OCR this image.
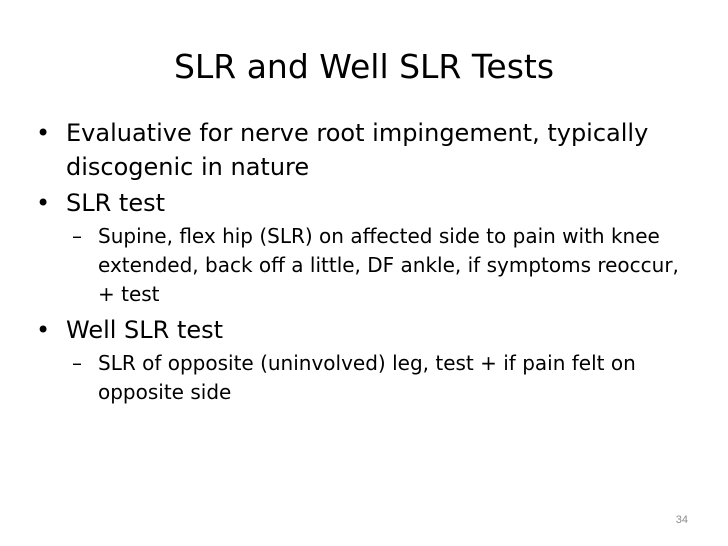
SLR and Well SLR Tests
• Evaluative for nerve root impingement, typically discogenic in nature
• SLR test
– Supine, flex hip (SLR) on affected side to pain with knee extended, back off a little, DF ankle, if symptoms reoccur, + test
• Well SLR test
– SLR of opposite (uninvolved) leg, test + if pain felt on opposite side
34
